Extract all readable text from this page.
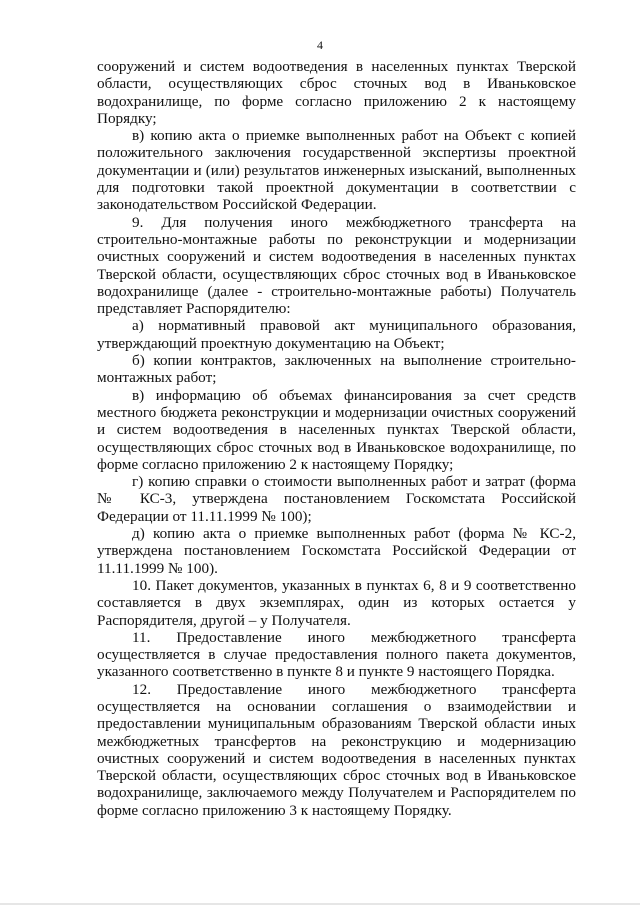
4

сооружений и систем водоотведения в населенных пунктах Тверской области, осуществляющих сброс сточных вод в Иваньковское водохранилище, по форме согласно приложению 2 к настоящему Порядку;

в) копию акта о приемке выполненных работ на Объект с копией положительного заключения государственной экспертизы проектной документации и (или) результатов инженерных изысканий, выполненных для подготовки такой проектной документации в соответствии с законодательством Российской Федерации.

9. Для получения иного межбюджетного трансферта на строительно-монтажные работы по реконструкции и модернизации очистных сооружений и систем водоотведения в населенных пунктах Тверской области, осуществляющих сброс сточных вод в Иваньковское водохранилище (далее - строительно-монтажные работы) Получатель представляет Распорядителю:

а) нормативный правовой акт муниципального образования, утверждающий проектную документацию на Объект;

б) копии контрактов, заключенных на выполнение строительно-монтажных работ;

в) информацию об объемах финансирования за счет средств местного бюджета реконструкции и модернизации очистных сооружений и систем водоотведения в населенных пунктах Тверской области, осуществляющих сброс сточных вод в Иваньковское водохранилище, по форме согласно приложению 2 к настоящему Порядку;

г) копию справки о стоимости выполненных работ и затрат (форма № КС-3, утверждена постановлением Госкомстата Российской Федерации от 11.11.1999 № 100);

д) копию акта о приемке выполненных работ (форма № КС-2, утверждена постановлением Госкомстата Российской Федерации от 11.11.1999 № 100).

10. Пакет документов, указанных в пунктах 6, 8 и 9 соответственно составляется в двух экземплярах, один из которых остается у Распорядителя, другой – у Получателя.

11. Предоставление иного межбюджетного трансферта осуществляется в случае предоставления полного пакета документов, указанного соответственно в пункте 8 и пункте 9 настоящего Порядка.

12. Предоставление иного межбюджетного трансферта осуществляется на основании соглашения о взаимодействии и предоставлении муниципальным образованиям Тверской области иных межбюджетных трансфертов на реконструкцию и модернизацию очистных сооружений и систем водоотведения в населенных пунктах Тверской области, осуществляющих сброс сточных вод в Иваньковское водохранилище, заключаемого между Получателем и Распорядителем по форме согласно приложению 3 к настоящему Порядку.
